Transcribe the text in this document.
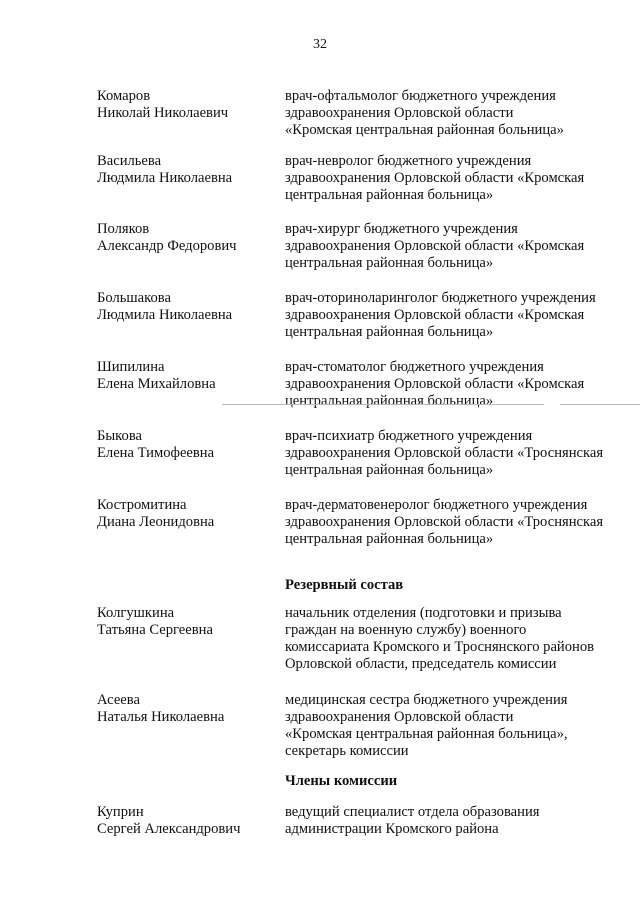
32
Комаров
Николай Николаевич
врач-офтальмолог бюджетного учреждения
здравоохранения Орловской области
«Кромская центральная районная больница»
Васильева
Людмила Николаевна
врач-невролог бюджетного учреждения
здравоохранения Орловской области «Кромская
центральная районная больница»
Поляков
Александр Федорович
врач-хирург бюджетного учреждения
здравоохранения Орловской области «Кромская
центральная районная больница»
Большакова
Людмила Николаевна
врач-оториноларинголог бюджетного учреждения
здравоохранения Орловской области «Кромская
центральная районная больница»
Шипилина
Елена Михайловна
врач-стоматолог бюджетного учреждения
здравоохранения Орловской области «Кромская
центральная районная больница»
Быкова
Елена Тимофеевна
врач-психиатр бюджетного учреждения
здравоохранения Орловской области «Троснянская
центральная районная больница»
Костромитина
Диана Леонидовна
врач-дерматовенеролог бюджетного учреждения
здравоохранения Орловской области «Троснянская
центральная районная больница»
Резервный состав
Колгушкина
Татьяна Сергеевна
начальник отделения (подготовки и призыва
граждан на военную службу) военного
комиссариата Кромского и Троснянского районов
Орловской области, председатель комиссии
Асеева
Наталья Николаевна
медицинская сестра бюджетного учреждения
здравоохранения Орловской области
«Кромская центральная районная больница»,
секретарь комиссии
Члены комиссии
Куприн
Сергей Александрович
ведущий специалист отдела образования
администрации Кромского района
